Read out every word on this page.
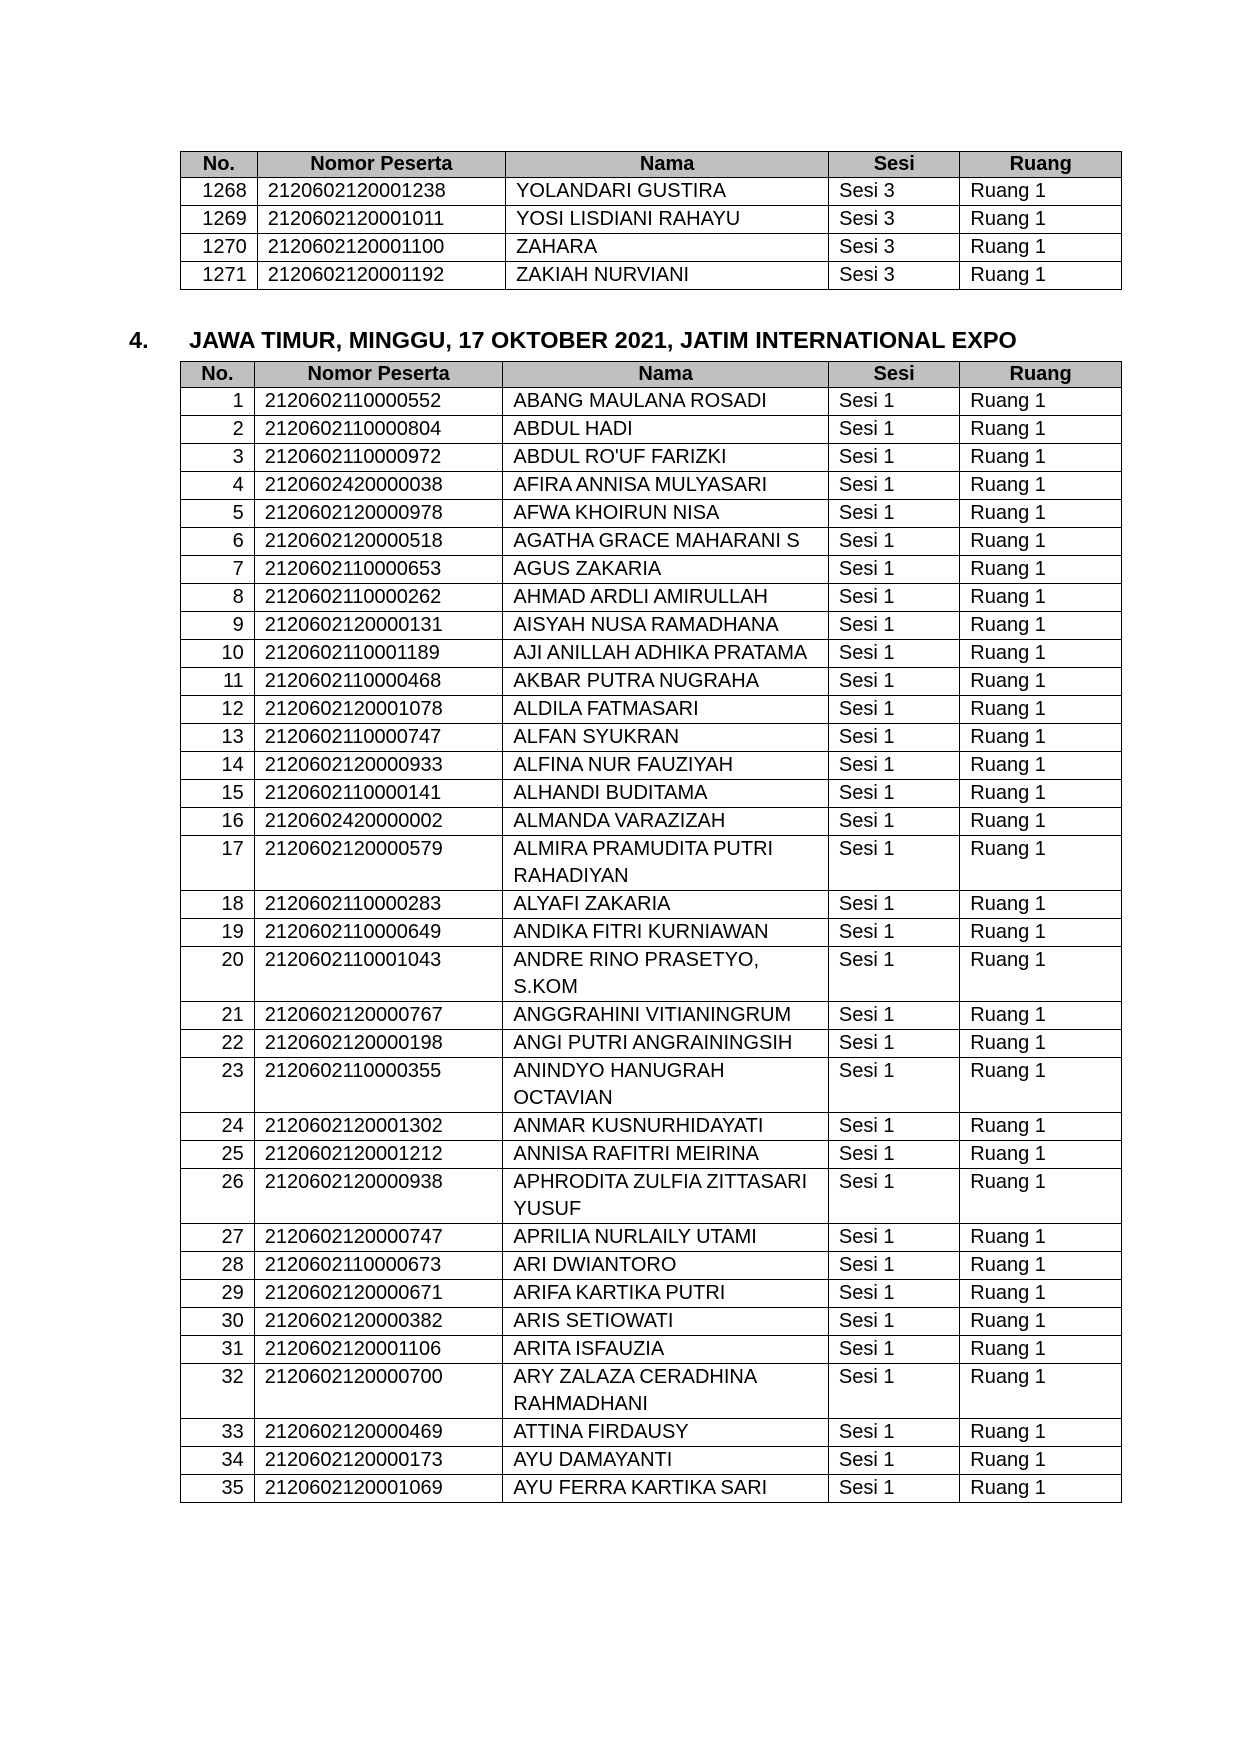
No.	Nomor Peserta	Nama	Sesi	Ruang
1268	2120602120001238	YOLANDARI GUSTIRA	Sesi 3	Ruang 1
1269	2120602120001011	YOSI LISDIANI RAHAYU	Sesi 3	Ruang 1
1270	2120602120001100	ZAHARA	Sesi 3	Ruang 1
1271	2120602120001192	ZAKIAH NURVIANI	Sesi 3	Ruang 1
4. JAWA TIMUR, MINGGU, 17 OKTOBER 2021, JATIM INTERNATIONAL EXPO
No.	Nomor Peserta	Nama	Sesi	Ruang
1	2120602110000552	ABANG MAULANA ROSADI	Sesi 1	Ruang 1
2	2120602110000804	ABDUL HADI	Sesi 1	Ruang 1
3	2120602110000972	ABDUL RO'UF FARIZKI	Sesi 1	Ruang 1
4	2120602420000038	AFIRA ANNISA MULYASARI	Sesi 1	Ruang 1
5	2120602120000978	AFWA KHOIRUN NISA	Sesi 1	Ruang 1
6	2120602120000518	AGATHA GRACE MAHARANI S	Sesi 1	Ruang 1
7	2120602110000653	AGUS ZAKARIA	Sesi 1	Ruang 1
8	2120602110000262	AHMAD ARDLI AMIRULLAH	Sesi 1	Ruang 1
9	2120602120000131	AISYAH NUSA RAMADHANA	Sesi 1	Ruang 1
10	2120602110001189	AJI ANILLAH ADHIKA PRATAMA	Sesi 1	Ruang 1
11	2120602110000468	AKBAR PUTRA NUGRAHA	Sesi 1	Ruang 1
12	2120602120001078	ALDILA FATMASARI	Sesi 1	Ruang 1
13	2120602110000747	ALFAN SYUKRAN	Sesi 1	Ruang 1
14	2120602120000933	ALFINA NUR FAUZIYAH	Sesi 1	Ruang 1
15	2120602110000141	ALHANDI BUDITAMA	Sesi 1	Ruang 1
16	2120602420000002	ALMANDA VARAZIZAH	Sesi 1	Ruang 1
17	2120602120000579	ALMIRA PRAMUDITA PUTRI RAHADIYAN	Sesi 1	Ruang 1
18	2120602110000283	ALYAFI ZAKARIA	Sesi 1	Ruang 1
19	2120602110000649	ANDIKA FITRI KURNIAWAN	Sesi 1	Ruang 1
20	2120602110001043	ANDRE RINO PRASETYO, S.KOM	Sesi 1	Ruang 1
21	2120602120000767	ANGGRAHINI VITIANINGRUM	Sesi 1	Ruang 1
22	2120602120000198	ANGI PUTRI ANGRAININGSIH	Sesi 1	Ruang 1
23	2120602110000355	ANINDYO HANUGRAH OCTAVIAN	Sesi 1	Ruang 1
24	2120602120001302	ANMAR KUSNURHIDAYATI	Sesi 1	Ruang 1
25	2120602120001212	ANNISA RAFITRI MEIRINA	Sesi 1	Ruang 1
26	2120602120000938	APHRODITA ZULFIA ZITTASARI YUSUF	Sesi 1	Ruang 1
27	2120602120000747	APRILIA NURLAILY UTAMI	Sesi 1	Ruang 1
28	2120602110000673	ARI DWIANTORO	Sesi 1	Ruang 1
29	2120602120000671	ARIFA KARTIKA PUTRI	Sesi 1	Ruang 1
30	2120602120000382	ARIS SETIOWATI	Sesi 1	Ruang 1
31	2120602120001106	ARITA ISFAUZIA	Sesi 1	Ruang 1
32	2120602120000700	ARY ZALAZA CERADHINA RAHMADHANI	Sesi 1	Ruang 1
33	2120602120000469	ATTINA FIRDAUSY	Sesi 1	Ruang 1
34	2120602120000173	AYU DAMAYANTI	Sesi 1	Ruang 1
35	2120602120001069	AYU FERRA KARTIKA SARI	Sesi 1	Ruang 1
